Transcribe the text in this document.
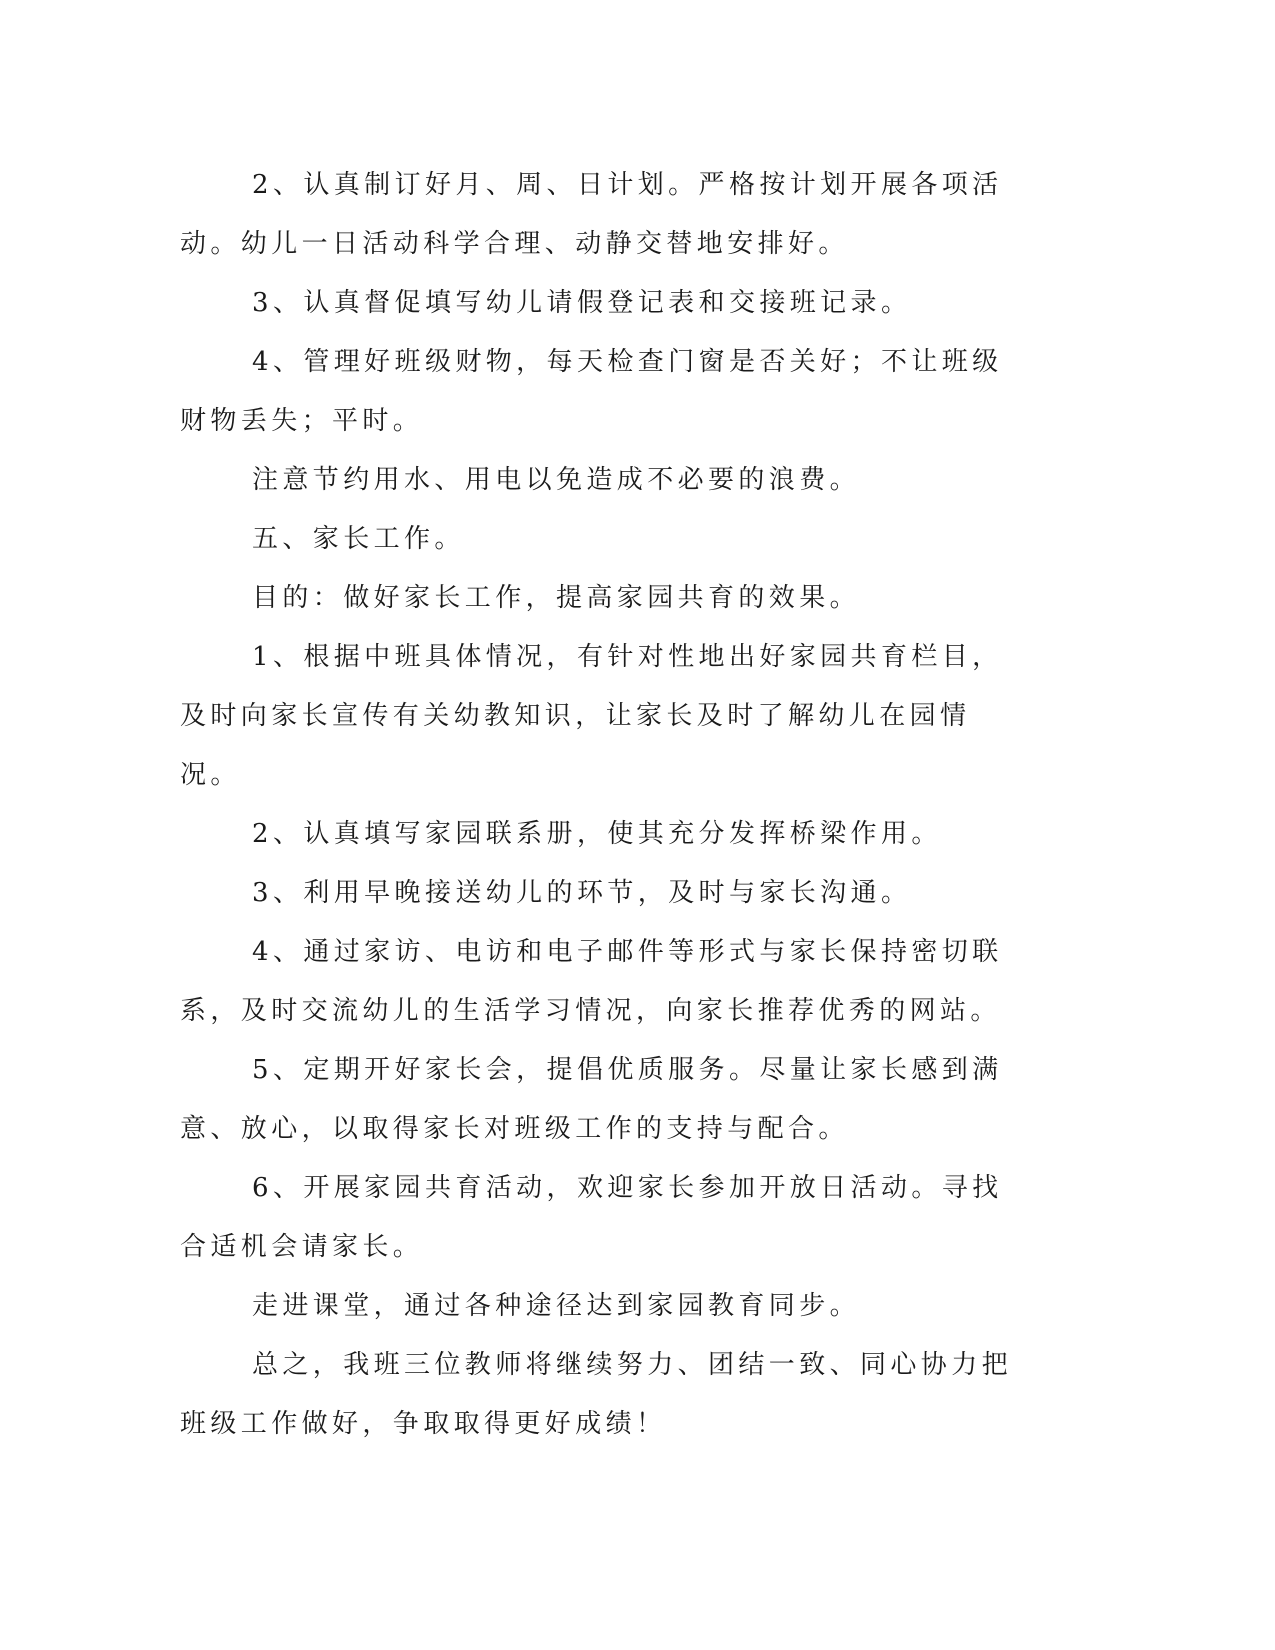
2、认真制订好月、周、日计划。严格按计划开展各项活动。幼儿一日活动科学合理、动静交替地安排好。

3、认真督促填写幼儿请假登记表和交接班记录。

4、管理好班级财物，每天检查门窗是否关好；不让班级财物丢失；平时。

注意节约用水、用电以免造成不必要的浪费。

五、家长工作。

目的：做好家长工作，提高家园共育的效果。

1、根据中班具体情况，有针对性地出好家园共育栏目，及时向家长宣传有关幼教知识，让家长及时了解幼儿在园情况。

2、认真填写家园联系册，使其充分发挥桥梁作用。

3、利用早晚接送幼儿的环节，及时与家长沟通。

4、通过家访、电访和电子邮件等形式与家长保持密切联系，及时交流幼儿的生活学习情况，向家长推荐优秀的网站。

5、定期开好家长会，提倡优质服务。尽量让家长感到满意、放心，以取得家长对班级工作的支持与配合。

6、开展家园共育活动，欢迎家长参加开放日活动。寻找合适机会请家长。

走进课堂，通过各种途径达到家园教育同步。

总之，我班三位教师将继续努力、团结一致、同心协力把班级工作做好，争取取得更好成绩！
